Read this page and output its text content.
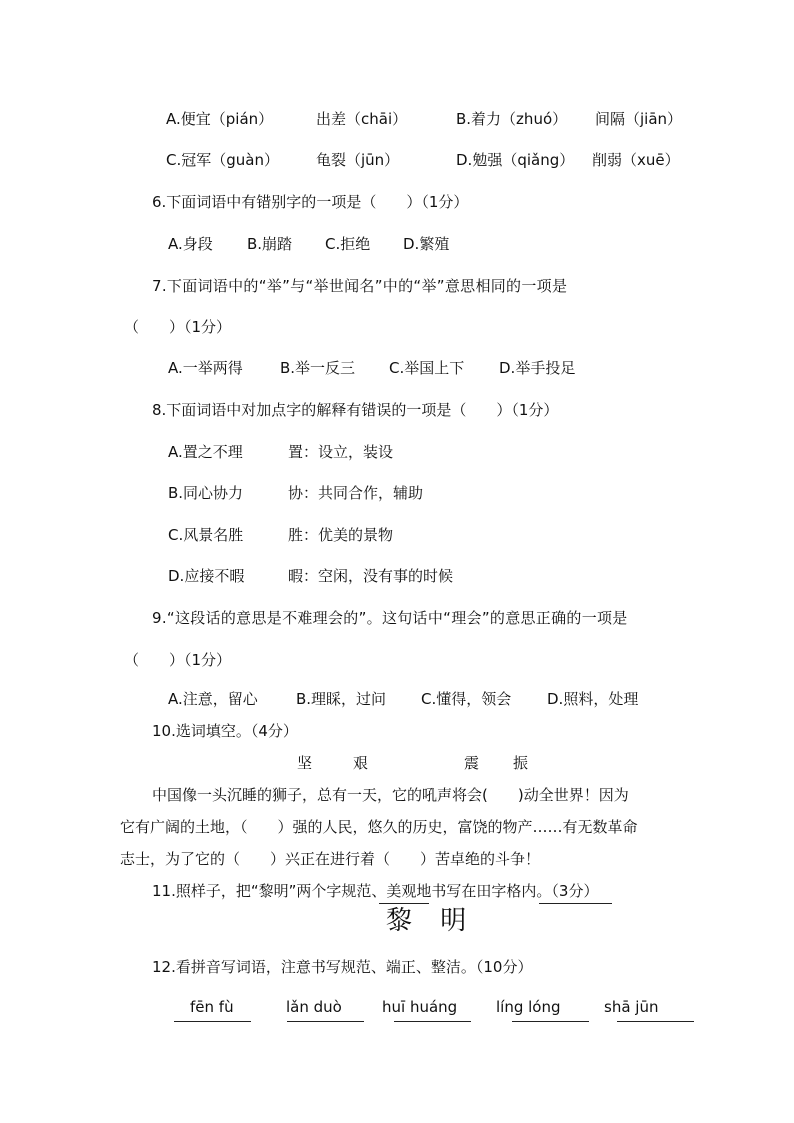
A.便宜（pián）	出差（chāi）	B.着力（zhuó） 间隔（jiān）
C.冠军（guàn） 龟裂（jūn）	D.勉强（qiǎng） 削弱（xuē）
6.下面词语中有错别字的一项是（　　）（1分）
A.身段 B.崩踏 C.拒绝 D.繁殖
7.下面词语中的“举”与“举世闻名”中的“举”意思相同的一项是
（　　）（1分）
A.一举两得 B.举一反三 C.举国上下 D.举手投足
8.下面词语中对加点字的解释有错误的一项是（　　）（1分）
A.置之不理	置：设立，装设
B.同心协力	协：共同合作，辅助
C.风景名胜	胜：优美的景物
D.应接不暇	暇：空闲，没有事的时候
9.“这段话的意思是不难理会的”。这句话中“理会”的意思正确的一项是
（　　）（1分）
A.注意，留心	B.理睬，过问 C.懂得，领会 D.照料，处理
10.选词填空。（4分）
坚	艰	震 振
中国像一头沉睡的狮子，总有一天，它的吼声将会(　　)动全世界！因为
它有广阔的土地，（　　）强的人民，悠久的历史，富饶的物产……有无数革命
志士，为了它的（　　）兴正在进行着（　　）苦卓绝的斗争！
11.照样子，把“黎明”两个字规范、美观地书写在田字格内。（3分）
黎 明
12.看拼音写词语，注意书写规范、端正、整洁。（10分）
fēn fù	lǎn duò	huī huáng	líng lóng	shā jūn
